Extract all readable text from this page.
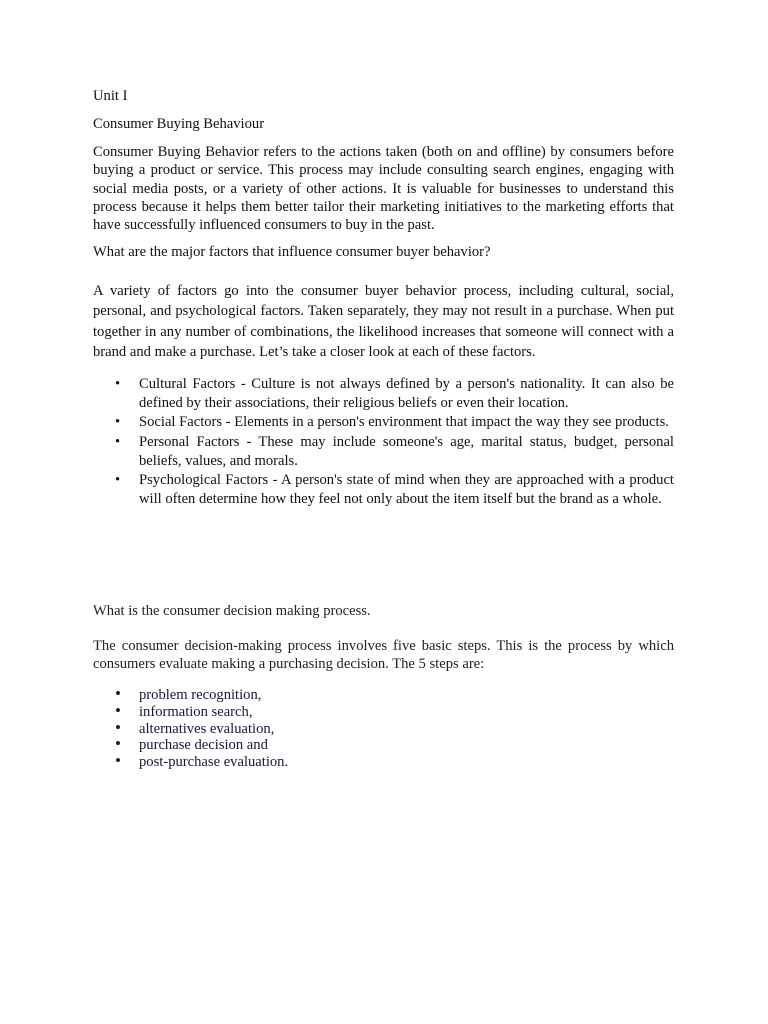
Unit I

Consumer Buying Behaviour

Consumer Buying Behavior refers to the actions taken (both on and offline) by consumers before buying a product or service. This process may include consulting search engines, engaging with social media posts, or a variety of other actions. It is valuable for businesses to understand this process because it helps them better tailor their marketing initiatives to the marketing efforts that have successfully influenced consumers to buy in the past.

What are the major factors that influence consumer buyer behavior?

A variety of factors go into the consumer buyer behavior process, including cultural, social, personal, and psychological factors. Taken separately, they may not result in a purchase. When put together in any number of combinations, the likelihood increases that someone will connect with a brand and make a purchase. Let’s take a closer look at each of these factors.

• Cultural Factors - Culture is not always defined by a person's nationality. It can also be defined by their associations, their religious beliefs or even their location.
• Social Factors - Elements in a person's environment that impact the way they see products.
• Personal Factors - These may include someone's age, marital status, budget, personal beliefs, values, and morals.
• Psychological Factors - A person's state of mind when they are approached with a product will often determine how they feel not only about the item itself but the brand as a whole.

What is the consumer decision making process.

The consumer decision-making process involves five basic steps. This is the process by which consumers evaluate making a purchasing decision. The 5 steps are:

• problem recognition,
• information search,
• alternatives evaluation,
• purchase decision and
• post-purchase evaluation.
